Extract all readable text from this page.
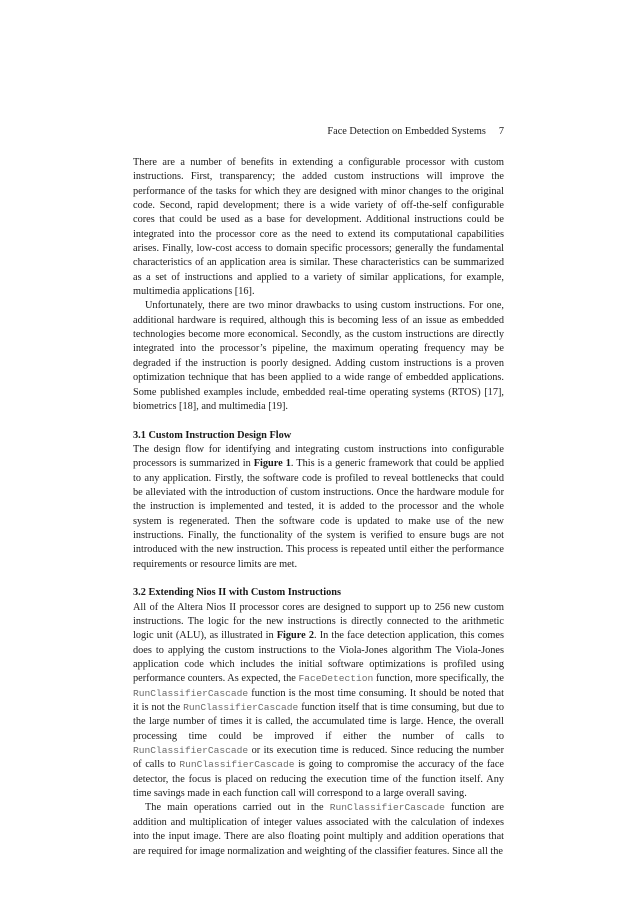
Face Detection on Embedded Systems 7

There are a number of benefits in extending a configurable processor with custom instructions. First, transparency; the added custom instructions will improve the performance of the tasks for which they are designed with minor changes to the original code. Second, rapid development; there is a wide variety of off-the-self configurable cores that could be used as a base for development. Additional instructions could be integrated into the processor core as the need to extend its computational capabilities arises. Finally, low-cost access to domain specific processors; generally the fundamental characteristics of an application area is similar. These characteristics can be summarized as a set of instructions and applied to a variety of similar applications, for example, multimedia applications [16].

Unfortunately, there are two minor drawbacks to using custom instructions. For one, additional hardware is required, although this is becoming less of an issue as embedded technologies become more economical. Secondly, as the custom instructions are directly integrated into the processor’s pipeline, the maximum operating frequency may be degraded if the instruction is poorly designed. Adding custom instructions is a proven optimization technique that has been applied to a wide range of embedded applications. Some published examples include, embedded real-time operating systems (RTOS) [17], biometrics [18], and multimedia [19].

3.1 Custom Instruction Design Flow

The design flow for identifying and integrating custom instructions into configurable processors is summarized in Figure 1. This is a generic framework that could be applied to any application. Firstly, the software code is profiled to reveal bottlenecks that could be alleviated with the introduction of custom instructions. Once the hardware module for the instruction is implemented and tested, it is added to the processor and the whole system is regenerated. Then the software code is updated to make use of the new instructions. Finally, the functionality of the system is verified to ensure bugs are not introduced with the new instruction. This process is repeated until either the performance requirements or resource limits are met.

3.2 Extending Nios II with Custom Instructions

All of the Altera Nios II processor cores are designed to support up to 256 new custom instructions. The logic for the new instructions is directly connected to the arithmetic logic unit (ALU), as illustrated in Figure 2. In the face detection application, this comes does to applying the custom instructions to the Viola-Jones algorithm The Viola-Jones application code which includes the initial software optimizations is profiled using performance counters. As expected, the FaceDetection function, more specifically, the RunClassifierCascade function is the most time consuming. It should be noted that it is not the RunClassifierCascade function itself that is time consuming, but due to the large number of times it is called, the accumulated time is large. Hence, the overall processing time could be improved if either the number of calls to RunClassifierCascade or its execution time is reduced. Since reducing the number of calls to RunClassifierCascade is going to compromise the accuracy of the face detector, the focus is placed on reducing the execution time of the function itself. Any time savings made in each function call will correspond to a large overall saving.

The main operations carried out in the RunClassifierCascade function are addition and multiplication of integer values associated with the calculation of indexes into the input image. There are also floating point multiply and addition operations that are required for image normalization and weighting of the classifier features. Since all the
